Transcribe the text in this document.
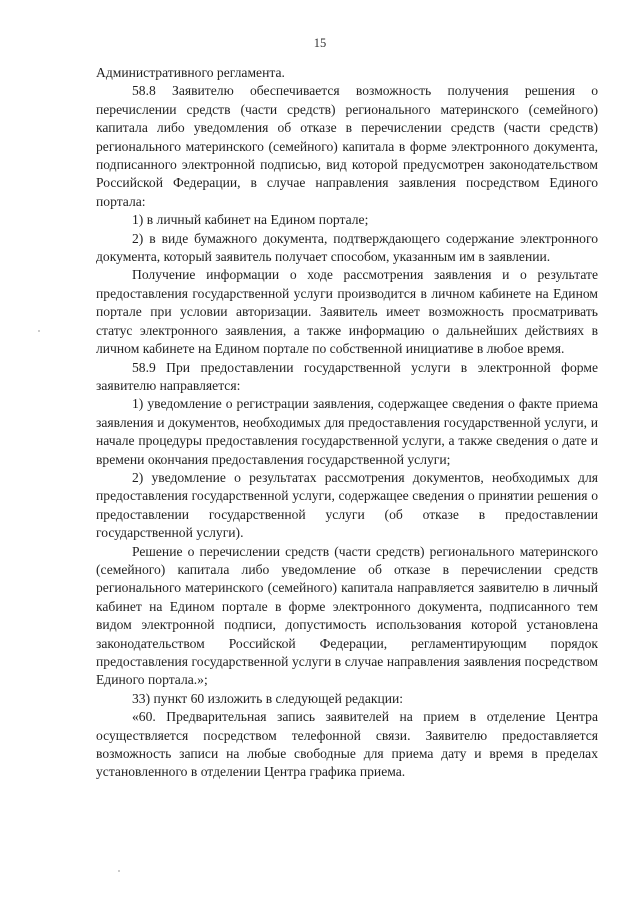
15

Административного регламента.

58.8 Заявителю обеспечивается возможность получения решения о перечислении средств (части средств) регионального материнского (семейного) капитала либо уведомления об отказе в перечислении средств (части средств) регионального материнского (семейного) капитала в форме электронного документа, подписанного электронной подписью, вид которой предусмотрен законодательством Российской Федерации, в случае направления заявления посредством Единого портала:

1) в личный кабинет на Едином портале;

2) в виде бумажного документа, подтверждающего содержание электронного документа, который заявитель получает способом, указанным им в заявлении.

Получение информации о ходе рассмотрения заявления и о результате предоставления государственной услуги производится в личном кабинете на Едином портале при условии авторизации. Заявитель имеет возможность просматривать статус электронного заявления, а также информацию о дальнейших действиях в личном кабинете на Едином портале по собственной инициативе в любое время.

58.9 При предоставлении государственной услуги в электронной форме заявителю направляется:

1) уведомление о регистрации заявления, содержащее сведения о факте приема заявления и документов, необходимых для предоставления государственной услуги, и начале процедуры предоставления государственной услуги, а также сведения о дате и времени окончания предоставления государственной услуги;

2) уведомление о результатах рассмотрения документов, необходимых для предоставления государственной услуги, содержащее сведения о принятии решения о предоставлении государственной услуги (об отказе в предоставлении государственной услуги).

Решение о перечислении средств (части средств) регионального материнского (семейного) капитала либо уведомление об отказе в перечислении средств регионального материнского (семейного) капитала направляется заявителю в личный кабинет на Едином портале в форме электронного документа, подписанного тем видом электронной подписи, допустимость использования которой установлена законодательством Российской Федерации, регламентирующим порядок предоставления государственной услуги в случае направления заявления посредством Единого портала.»;

33) пункт 60 изложить в следующей редакции:

«60. Предварительная запись заявителей на прием в отделение Центра осуществляется посредством телефонной связи. Заявителю предоставляется возможность записи на любые свободные для приема дату и время в пределах установленного в отделении Центра графика приема.
